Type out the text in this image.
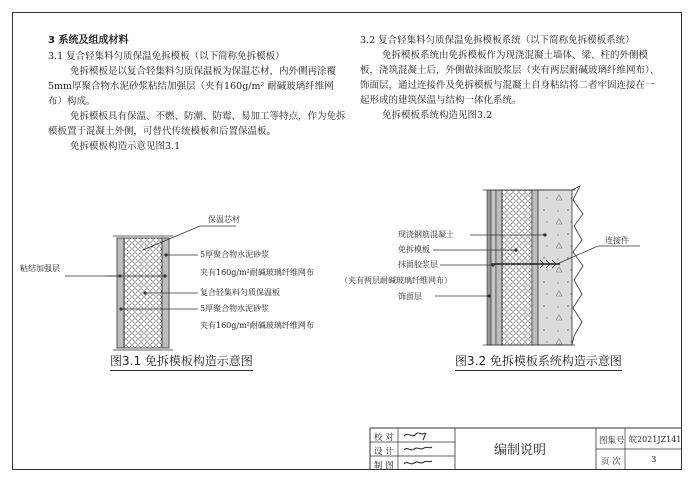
3 系统及组成材料
3.1 复合轻集料匀质保温免拆模板（以下简称免拆模板）
免拆模板是以复合轻集料匀质保温板为保温芯材，内外侧再涂覆5mm厚聚合物水泥砂浆粘结加强层（夹有160g/m² 耐碱玻璃纤维网布）构成。
免拆模板具有保温、不燃、防潮、防霉、易加工等特点，作为免拆模板置于混凝土外侧，可替代传统模板和后置保温板。
免拆模板构造示意见图3.1
3.2 复合轻集料匀质保温免拆模板系统（以下简称免拆模板系统）
免拆模板系统由免拆模板作为现浇混凝土墙体、梁、柱的外侧模板，浇筑混凝土后，外侧做抹面胶浆层（夹有两层耐碱玻璃纤维网布）、饰面层，通过连接件及免拆模板与混凝土自身粘结将二者牢固连接在一起形成的建筑保温与结构一体化系统。
免拆模板系统构造见图3.2
保温芯材
5厚聚合物水泥砂浆
夹有160g/m²耐碱玻璃纤维网布
复合轻集料匀质保温板
5厚聚合物水泥砂浆
夹有160g/m²耐碱玻璃纤维网布
粘结加强层
现浇钢筋混凝土
免拆模板
抹面胶浆层
（夹有两层耐碱玻璃纤维网布）
饰面层
连接件
图3.1 免拆模板构造示意图	图3.2 免拆模板系统构造示意图
校 对
设 计
制 图
编制说明
图集号 皖2021JZ141
页 次	3
